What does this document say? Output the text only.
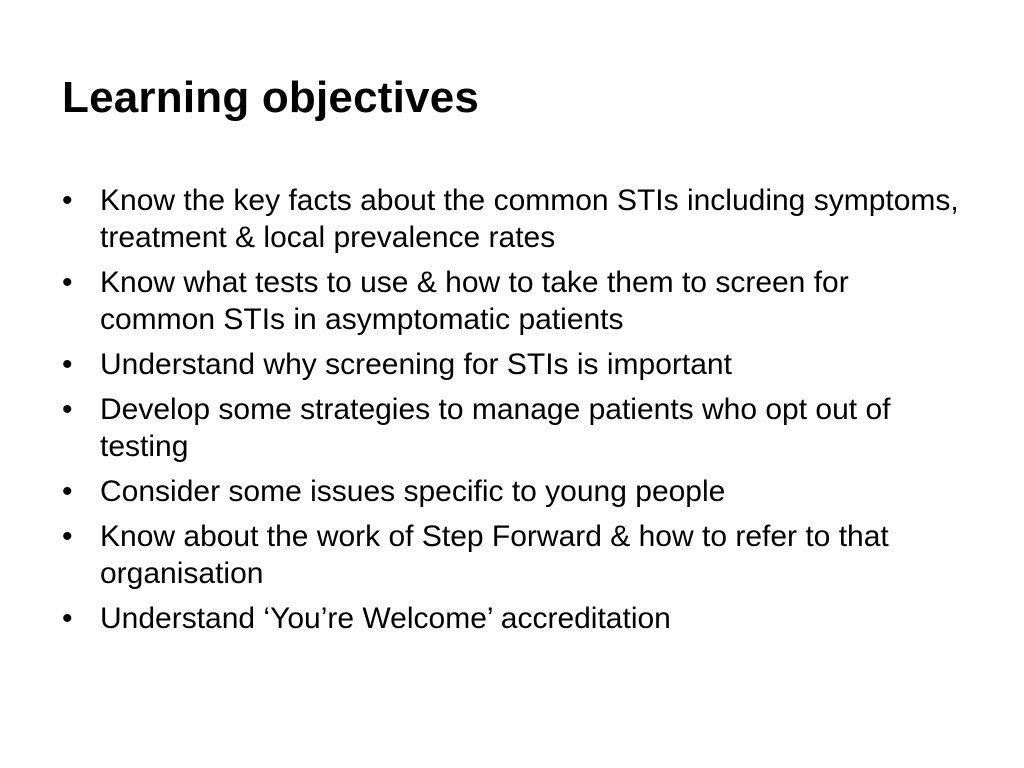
Learning objectives
• Know the key facts about the common STIs including symptoms, treatment & local prevalence rates
• Know what tests to use & how to take them to screen for common STIs in asymptomatic patients
• Understand why screening for STIs is important
• Develop some strategies to manage patients who opt out of testing
• Consider some issues specific to young people
• Know about the work of Step Forward & how to refer to that organisation
• Understand ‘You’re Welcome’ accreditation
